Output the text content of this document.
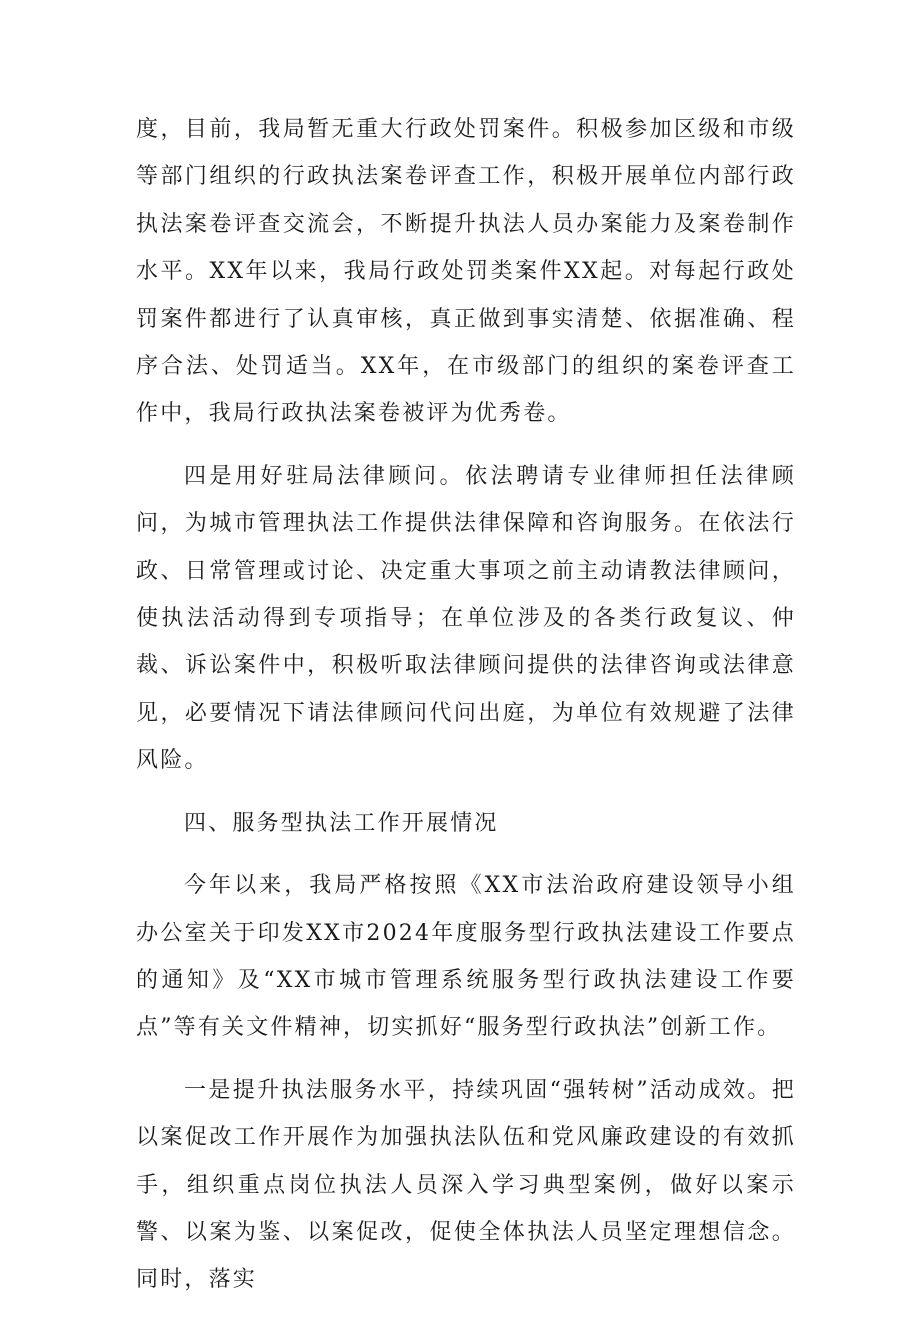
度，目前，我局暂无重大行政处罚案件。积极参加区级和市级等部门组织的行政执法案卷评查工作，积极开展单位内部行政执法案卷评查交流会，不断提升执法人员办案能力及案卷制作水平。XX年以来，我局行政处罚类案件XX起。对每起行政处罚案件都进行了认真审核，真正做到事实清楚、依据准确、程序合法、处罚适当。XX年，在市级部门的组织的案卷评查工作中，我局行政执法案卷被评为优秀卷。

四是用好驻局法律顾问。依法聘请专业律师担任法律顾问，为城市管理执法工作提供法律保障和咨询服务。在依法行政、日常管理或讨论、决定重大事项之前主动请教法律顾问，使执法活动得到专项指导；在单位涉及的各类行政复议、仲裁、诉讼案件中，积极听取法律顾问提供的法律咨询或法律意见，必要情况下请法律顾问代问出庭，为单位有效规避了法律风险。

四、服务型执法工作开展情况

今年以来，我局严格按照《XX市法治政府建设领导小组办公室关于印发XX市2024年度服务型行政执法建设工作要点的通知》及“XX市城市管理系统服务型行政执法建设工作要点”等有关文件精神，切实抓好“服务型行政执法”创新工作。

一是提升执法服务水平，持续巩固“强转树”活动成效。把以案促改工作开展作为加强执法队伍和党风廉政建设的有效抓手，组织重点岗位执法人员深入学习典型案例，做好以案示警、以案为鉴、以案促改，促使全体执法人员坚定理想信念。同时，落实
